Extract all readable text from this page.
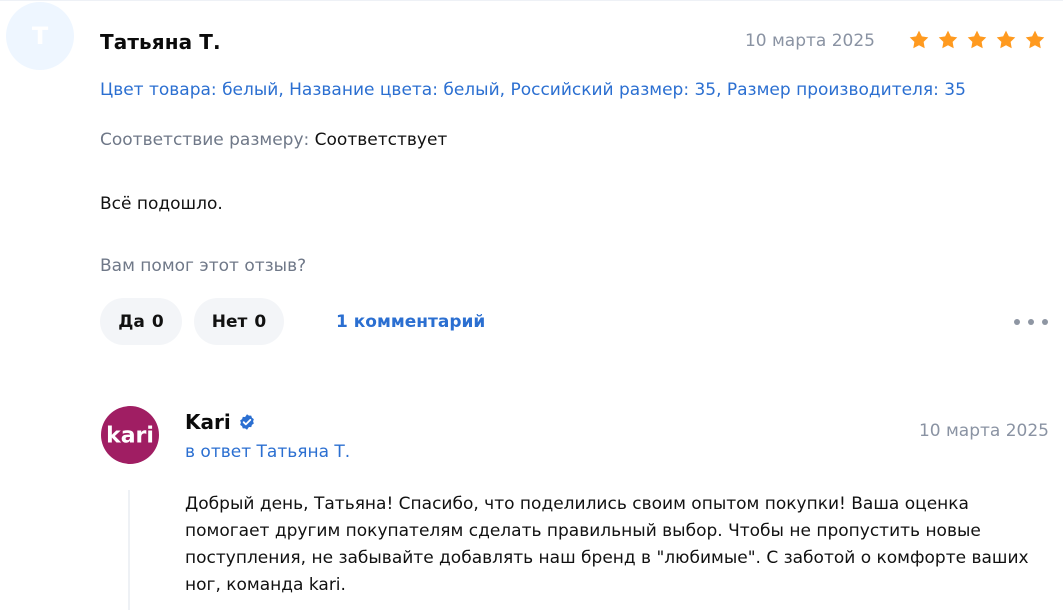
Т	Татьяна Т.	10 марта 2025
Цвет товара: белый, Название цвета: белый, Российский размер: 35, Размер производителя: 35
Соответствие размеру: Соответствует
Всё подошло.
Вам помог этот отзыв?
Да 0	Нет 0	1 комментарий
kari
Kari
в ответ Татьяна Т.
10 марта 2025
Добрый день, Татьяна! Спасибо, что поделились своим опытом покупки! Ваша оценка помогает другим покупателям сделать правильный выбор. Чтобы не пропустить новые поступления, не забывайте добавлять наш бренд в "любимые". С заботой о комфорте ваших ног, команда kari.
